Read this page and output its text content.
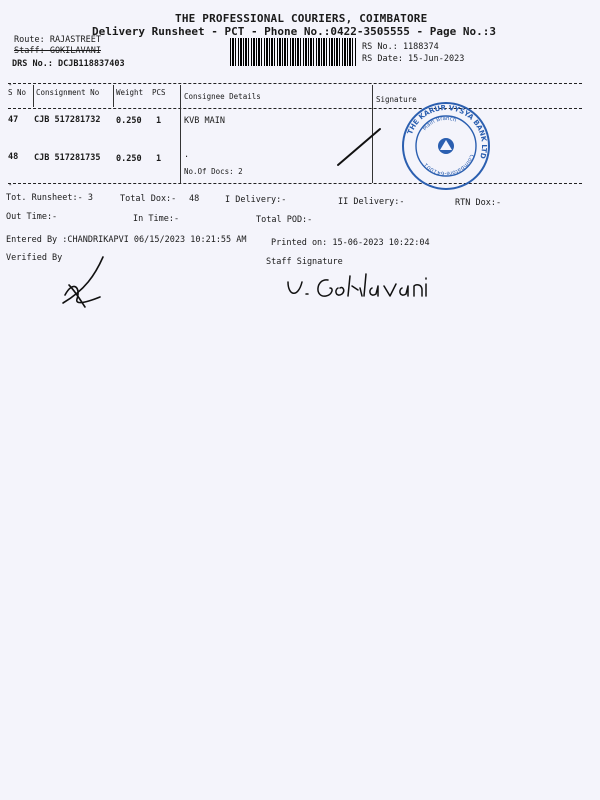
THE PROFESSIONAL COURIERS, COIMBATORE
Delivery Runsheet - PCT - Phone No.:0422-3505555 - Page No.:3
Route: RAJASTREET
Staff: GOKILAVANI
DRS No.: DCJB118837403
RS No.: 1188374
RS Date: 15-Jun-2023
-
-
S No Consignment No Weight PCS Consignee Details	Signature
47 CJB 517281732 0.250 1	KVB MAIN
48 CJB 517281735 0.250 1	.
No.Of Docs: 2
THE KARUR VYSYA BANK LTD
Coimbatore-641001
Main Branch
Tot. Runsheet:- 3	Total Dox:- 48	I Delivery:-	II Delivery:-	RTN Dox:-
Out Time:-	In Time:-	Total POD:-
Entered By :CHANDRIKAPVI 06/15/2023 10:21:55 AM	Printed on: 15-06-2023 10:22:04
Verified By	Staff Signature
